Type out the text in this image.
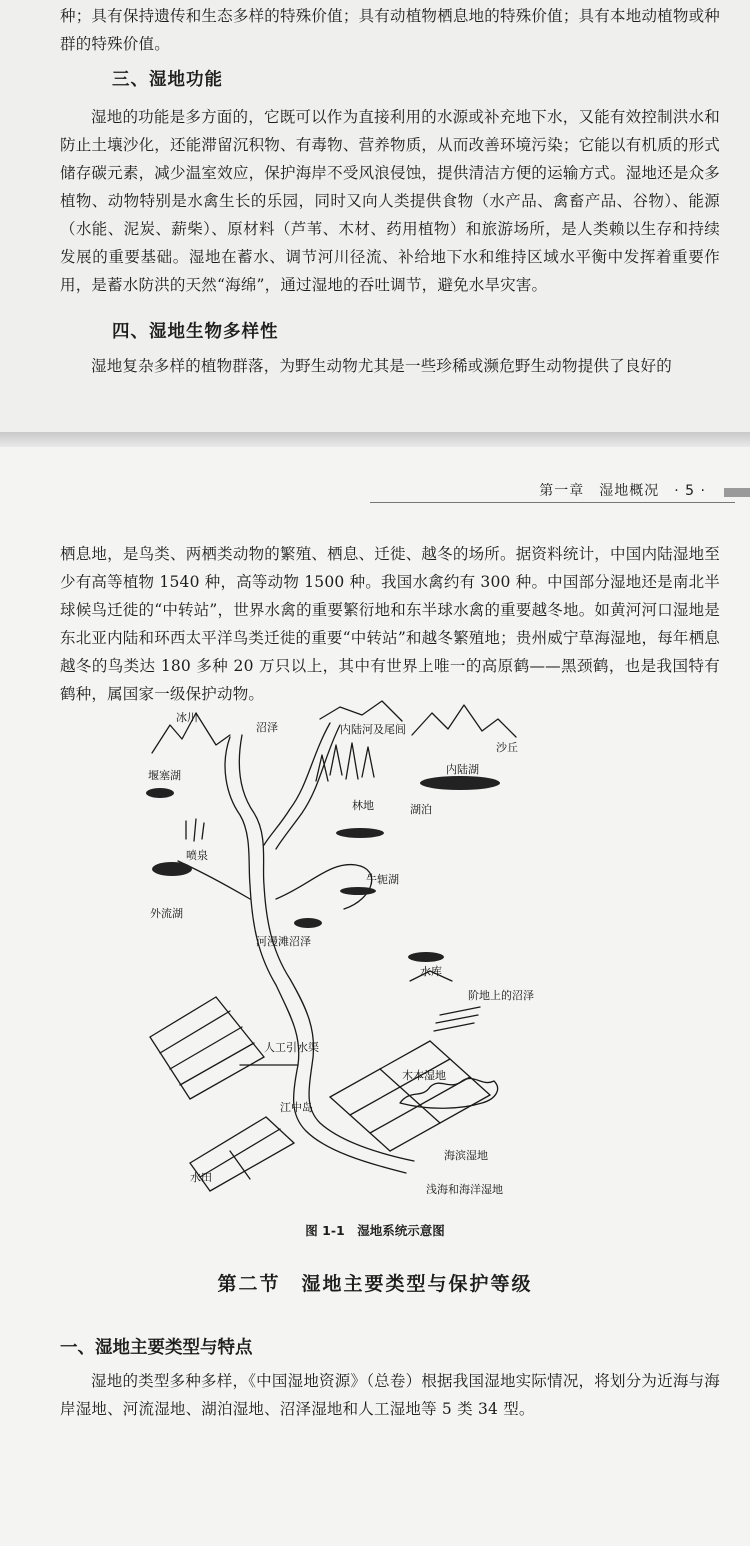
种；具有保持遗传和生态多样的特殊价值；具有动植物栖息地的特殊价值；具有本地动植物或种群的特殊价值。

三、湿地功能

湿地的功能是多方面的，它既可以作为直接利用的水源或补充地下水，又能有效控制洪水和防止土壤沙化，还能滞留沉积物、有毒物、营养物质，从而改善环境污染；它能以有机质的形式储存碳元素，减少温室效应，保护海岸不受风浪侵蚀，提供清洁方便的运输方式。湿地还是众多植物、动物特别是水禽生长的乐园，同时又向人类提供食物（水产品、禽畜产品、谷物）、能源（水能、泥炭、薪柴）、原材料（芦苇、木材、药用植物）和旅游场所，是人类赖以生存和持续发展的重要基础。湿地在蓄水、调节河川径流、补给地下水和维持区域水平衡中发挥着重要作用，是蓄水防洪的天然“海绵”，通过湿地的吞吐调节，避免水旱灾害。

四、湿地生物多样性

湿地复杂多样的植物群落，为野生动物尤其是一些珍稀或濒危野生动物提供了良好的

第一章　湿地概况　· 5 ·

栖息地，是鸟类、两栖类动物的繁殖、栖息、迁徙、越冬的场所。据资料统计，中国内陆湿地至少有高等植物 1540 种，高等动物 1500 种。我国水禽约有 300 种。中国部分湿地还是南北半球候鸟迁徙的“中转站”，世界水禽的重要繁衍地和东半球水禽的重要越冬地。如黄河河口湿地是东北亚内陆和环西太平洋鸟类迁徙的重要“中转站”和越冬繁殖地；贵州威宁草海湿地，每年栖息越冬的鸟类达 180 多种 20 万只以上，其中有世界上唯一的高原鹤——黑颈鹤，也是我国特有鹤种，属国家一级保护动物。

冰川
沼泽	内陆河及尾闾
沙丘
堰塞湖	内陆湖
林地	湖泊
喷泉
牛轭湖
外流湖
河漫滩沼泽
水库
阶地上的沼泽
人工引水渠
木本湿地
江中岛
海滨湿地
水田
浅海和海洋湿地

图 1-1　湿地系统示意图

第二节　湿地主要类型与保护等级
一、湿地主要类型与特点

湿地的类型多种多样，《中国湿地资源》（总卷）根据我国湿地实际情况，将划分为近海与海岸湿地、河流湿地、湖泊湿地、沼泽湿地和人工湿地等 5 类 34 型。
